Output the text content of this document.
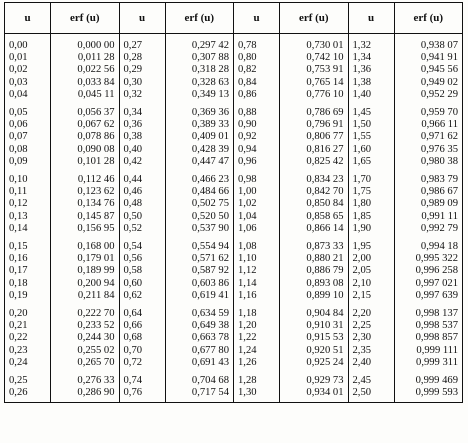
u	erf (u)	u	erf (u)	u	erf (u)	u	erf (u)
0,00	0,000 00	0,27	0,297 42	0,78	0,730 01	1,32	0,938 07
0,01	0,011 28	0,28	0,307 88	0,80	0,742 10	1,34	0,941 91
0,02	0,022 56	0,29	0,318 28	0,82	0,753 91	1,36	0,945 56
0,03	0,033 84	0,30	0,328 63	0,84	0,765 14	1,38	0,949 02
0,04	0,045 11	0,32	0,349 13	0,86	0,776 10	1,40	0,952 29
0,05	0,056 37	0,34	0,369 36	0,88	0,786 69	1,45	0,959 70
0,06	0,067 62	0,36	0,389 33	0,90	0,796 91	1,50	0,966 11
0,07	0,078 86	0,38	0,409 01	0,92	0,806 77	1,55	0,971 62
0,08	0,090 08	0,40	0,428 39	0,94	0,816 27	1,60	0,976 35
0,09	0,101 28	0,42	0,447 47	0,96	0,825 42	1,65	0,980 38
0,10	0,112 46	0,44	0,466 23	0,98	0,834 23	1,70	0,983 79
0,11	0,123 62	0,46	0,484 66	1,00	0,842 70	1,75	0,986 67
0,12	0,134 76	0,48	0,502 75	1,02	0,850 84	1,80	0,989 09
0,13	0,145 87	0,50	0,520 50	1,04	0,858 65	1,85	0,991 11
0,14	0,156 95	0,52	0,537 90	1,06	0,866 14	1,90	0,992 79
0,15	0,168 00	0,54	0,554 94	1,08	0,873 33	1,95	0,994 18
0,16	0,179 01	0,56	0,571 62	1,10	0,880 21	2,00	0,995 322
0,17	0,189 99	0,58	0,587 92	1,12	0,886 79	2,05	0,996 258
0,18	0,200 94	0,60	0,603 86	1,14	0,893 08	2,10	0,997 021
0,19	0,211 84	0,62	0,619 41	1,16	0,899 10	2,15	0,997 639
0,20	0,222 70	0,64	0,634 59	1,18	0,904 84	2,20	0,998 137
0,21	0,233 52	0,66	0,649 38	1,20	0,910 31	2,25	0,998 537
0,22	0,244 30	0,68	0,663 78	1,22	0,915 53	2,30	0,998 857
0,23	0,255 02	0,70	0,677 80	1,24	0,920 51	2,35	0,999 111
0,24	0,265 70	0,72	0,691 43	1,26	0,925 24	2,40	0,999 311
0,25	0,276 33	0,74	0,704 68	1,28	0,929 73	2,45	0,999 469
0,26	0,286 90	0,76	0,717 54	1,30	0,934 01	2,50	0,999 593
